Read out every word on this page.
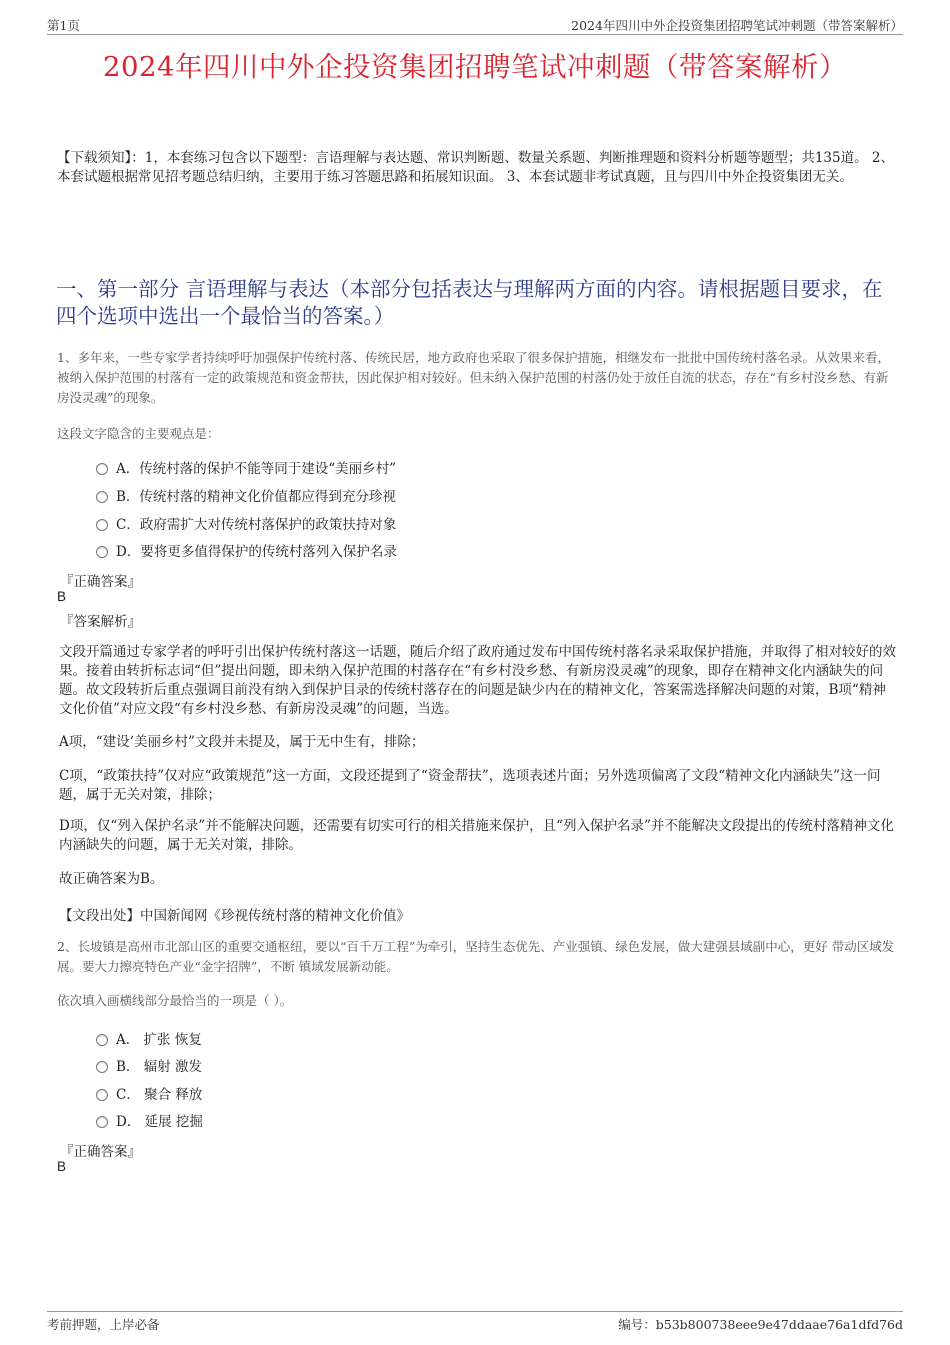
第1页	2024年四川中外企投资集团招聘笔试冲刺题（带答案解析）
2024年四川中外企投资集团招聘笔试冲刺题（带答案解析）
【下载须知】：1，本套练习包含以下题型：言语理解与表达题、常识判断题、数量关系题、判断推理题和资料分析题等题型；共135道。 2、本套试题根据常见招考题总结归纳，主要用于练习答题思路和拓展知识面。 3、本套试题非考试真题，且与四川中外企投资集团无关。
一、第一部分 言语理解与表达（本部分包括表达与理解两方面的内容。请根据题目要求，在四个选项中选出一个最恰当的答案。）
1、多年来，一些专家学者持续呼吁加强保护传统村落、传统民居，地方政府也采取了很多保护措施，相继发布一批批中国传统村落名录。从效果来看，被纳入保护范围的村落有一定的政策规范和资金帮扶，因此保护相对较好。但未纳入保护范围的村落仍处于放任自流的状态，存在“有乡村没乡愁、有新房没灵魂”的现象。
这段文字隐含的主要观点是：
A．传统村落的保护不能等同于建设“美丽乡村”
B．传统村落的精神文化价值都应得到充分珍视
C．政府需扩大对传统村落保护的政策扶持对象
D．要将更多值得保护的传统村落列入保护名录
『正确答案』
B
『答案解析』
文段开篇通过专家学者的呼吁引出保护传统村落这一话题，随后介绍了政府通过发布中国传统村落名录采取保护措施，并取得了相对较好的效果。接着由转折标志词“但”提出问题，即未纳入保护范围的村落存在“有乡村没乡愁、有新房没灵魂”的现象，即存在精神文化内涵缺失的问题。故文段转折后重点强调目前没有纳入到保护目录的传统村落存在的问题是缺少内在的精神文化，答案需选择解决问题的对策，B项“精神文化价值”对应文段“有乡村没乡愁、有新房没灵魂”的问题，当选。
A项，“建设‘美丽乡村”文段并未提及，属于无中生有，排除；
C项，“政策扶持”仅对应“政策规范”这一方面，文段还提到了“资金帮扶”，选项表述片面；另外选项偏离了文段“精神文化内涵缺失”这一问题，属于无关对策，排除；
D项，仅“列入保护名录”并不能解决问题，还需要有切实可行的相关措施来保护，且“列入保护名录”并不能解决文段提出的传统村落精神文化内涵缺失的问题，属于无关对策，排除。
故正确答案为B。
【文段出处】中国新闻网《珍视传统村落的精神文化价值》
2、长坡镇是高州市北部山区的重要交通枢纽，要以“百千万工程”为牵引，坚持生态优先、产业强镇、绿色发展，做大建强县域副中心，更好 带动区域发展。要大力擦亮特色产业“金字招牌”，不断 镇域发展新动能。
依次填入画横线部分最恰当的一项是（ ）。
A． 扩张 恢复
B． 辐射 激发
C． 聚合 释放
D． 延展 挖掘
『正确答案』
B
考前押题，上岸必备	编号：b53b800738eee9e47ddaae76a1dfd76d
